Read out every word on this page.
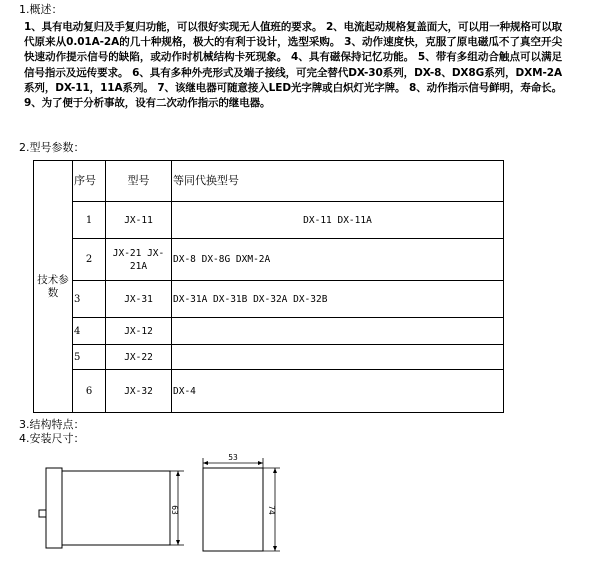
1.概述：
1、具有电动复归及手复归功能，可以很好实现无人值班的要求。 2、电流起动规格复盖面大，可以用一种规格可以取代原来从0.01A-2A的几十种规格，极大的有利于设计，选型采购。 3、动作速度快，克服了原电磁瓜不了真空开尖快速动作提示信号的缺陷，或动作时机械结构卡死现象。 4、具有磁保持记忆功能。 5、带有多组动合触点可以满足信号指示及远传要求。 6、具有多种外壳形式及端子接线，可完全替代DX-30系列，DX-8、DX8G系列，DXM-2A系列，DX-11，11A系列。 7、该继电器可随意接入LED光字牌或白炽灯光字牌。 8、动作指示信号鲜明，寿命长。 9、为了便于分析事故，设有二次动作指示的继电器。
2.型号参数：
技术参数	序号	型号	等同代换型号
	1	JX-11	DX-11 DX-11A
	2	JX-21 JX-21A	DX-8 DX-8G DXM-2A
	3	JX-31	DX-31A DX-31B DX-32A DX-32B
	4	JX-12	
	5	JX-22	
	6	JX-32	DX-4
3.结构特点：
4.安装尺寸：
63
53
74
